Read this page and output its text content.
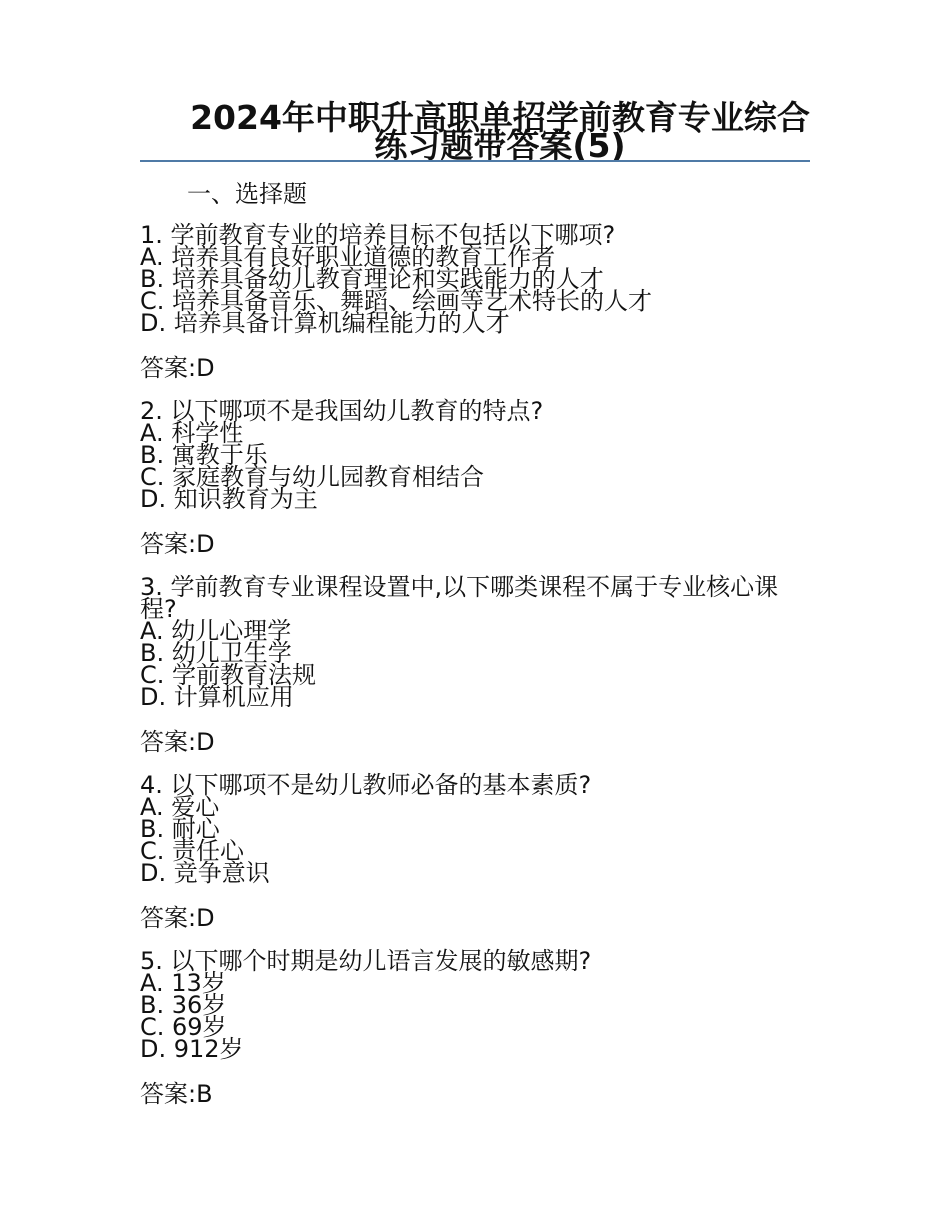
2024年中职升高职单招学前教育专业综合练习题带答案(5)
一、选择题
1. 学前教育专业的培养目标不包括以下哪项?
A. 培养具有良好职业道德的教育工作者
B. 培养具备幼儿教育理论和实践能力的人才
C. 培养具备音乐、舞蹈、绘画等艺术特长的人才
D. 培养具备计算机编程能力的人才
答案:D
2. 以下哪项不是我国幼儿教育的特点?
A. 科学性
B. 寓教于乐
C. 家庭教育与幼儿园教育相结合
D. 知识教育为主
答案:D
3. 学前教育专业课程设置中,以下哪类课程不属于专业核心课程?
A. 幼儿心理学
B. 幼儿卫生学
C. 学前教育法规
D. 计算机应用
答案:D
4. 以下哪项不是幼儿教师必备的基本素质?
A. 爱心
B. 耐心
C. 责任心
D. 竞争意识
答案:D
5. 以下哪个时期是幼儿语言发展的敏感期?
A. 13岁
B. 36岁
C. 69岁
D. 912岁
答案:B
